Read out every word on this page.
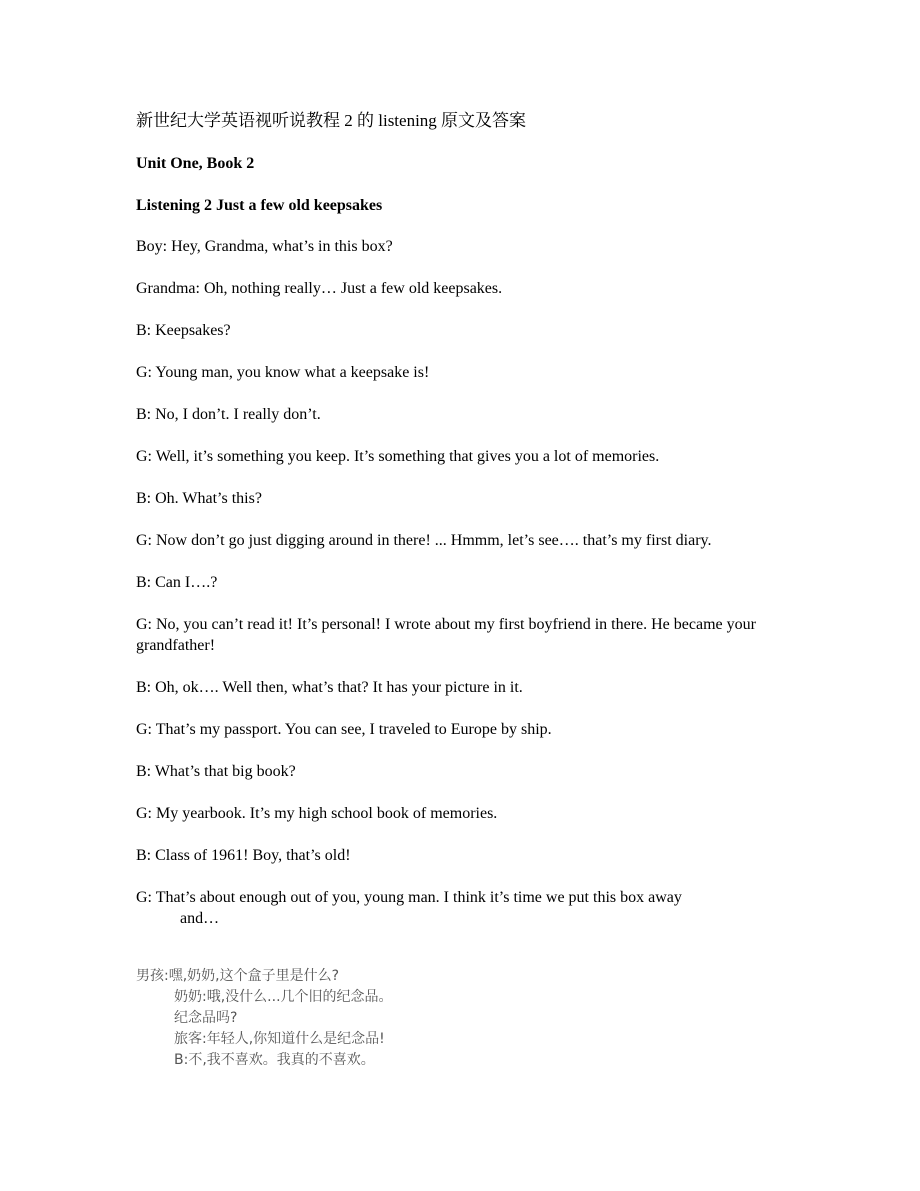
新世纪大学英语视听说教程 2 的 listening 原文及答案
Unit One, Book 2
Listening 2 Just a few old keepsakes
Boy: Hey, Grandma, what’s in this box?
Grandma: Oh, nothing really… Just a few old keepsakes.
B: Keepsakes?
G: Young man, you know what a keepsake is!
B: No, I don’t. I really don’t.
G: Well, it’s something you keep. It’s something that gives you a lot of memories.
B: Oh. What’s this?
G: Now don’t go just digging around in there! ... Hmmm, let’s see…. that’s my first diary.
B: Can I….?
G: No, you can’t read it! It’s personal! I wrote about my first boyfriend in there. He became your grandfather!
B: Oh, ok…. Well then, what’s that? It has your picture in it.
G: That’s my passport. You can see, I traveled to Europe by ship.
B: What’s that big book?
G: My yearbook. It’s my high school book of memories.
B: Class of 1961! Boy, that’s old!
G: That’s about enough out of you, young man. I think it’s time we put this box away
and…
男孩:嘿,奶奶,这个盒子里是什么?
奶奶:哦,没什么...几个旧的纪念品。
纪念品吗?
旅客:年轻人,你知道什么是纪念品!
B:不,我不喜欢。我真的不喜欢。
